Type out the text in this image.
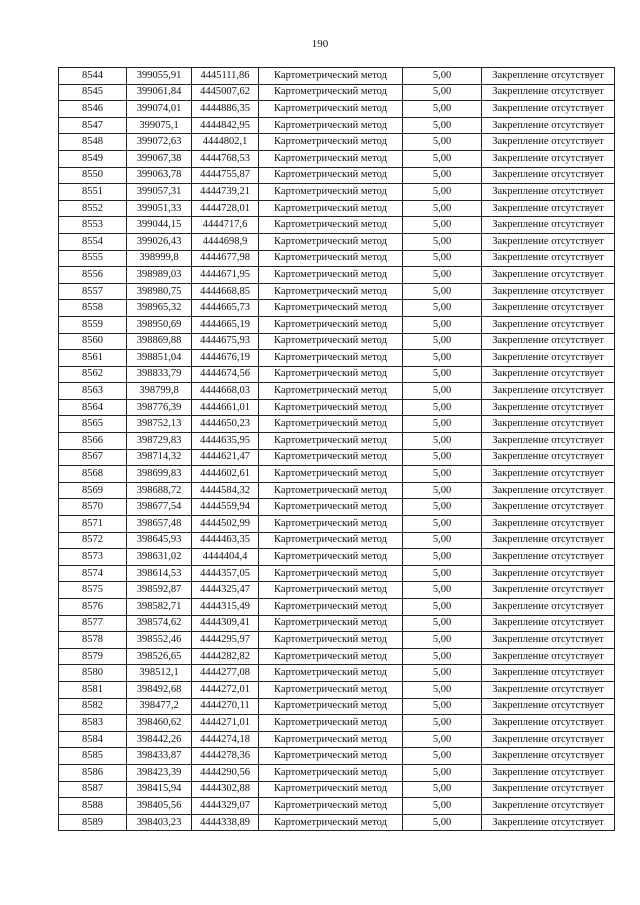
190
8544	399055,91	4445111,86	Картометрический метод	5,00	Закрепление отсутствует
8545	399061,84	4445007,62	Картометрический метод	5,00	Закрепление отсутствует
8546	399074,01	4444886,35	Картометрический метод	5,00	Закрепление отсутствует
8547	399075,1	4444842,95	Картометрический метод	5,00	Закрепление отсутствует
8548	399072,63	4444802,1	Картометрический метод	5,00	Закрепление отсутствует
8549	399067,38	4444768,53	Картометрический метод	5,00	Закрепление отсутствует
8550	399063,78	4444755,87	Картометрический метод	5,00	Закрепление отсутствует
8551	399057,31	4444739,21	Картометрический метод	5,00	Закрепление отсутствует
8552	399051,33	4444728,01	Картометрический метод	5,00	Закрепление отсутствует
8553	399044,15	4444717,6	Картометрический метод	5,00	Закрепление отсутствует
8554	399026,43	4444698,9	Картометрический метод	5,00	Закрепление отсутствует
8555	398999,8	4444677,98	Картометрический метод	5,00	Закрепление отсутствует
8556	398989,03	4444671,95	Картометрический метод	5,00	Закрепление отсутствует
8557	398980,75	4444668,85	Картометрический метод	5,00	Закрепление отсутствует
8558	398965,32	4444665,73	Картометрический метод	5,00	Закрепление отсутствует
8559	398950,69	4444665,19	Картометрический метод	5,00	Закрепление отсутствует
8560	398869,88	4444675,93	Картометрический метод	5,00	Закрепление отсутствует
8561	398851,04	4444676,19	Картометрический метод	5,00	Закрепление отсутствует
8562	398833,79	4444674,56	Картометрический метод	5,00	Закрепление отсутствует
8563	398799,8	4444668,03	Картометрический метод	5,00	Закрепление отсутствует
8564	398776,39	4444661,01	Картометрический метод	5,00	Закрепление отсутствует
8565	398752,13	4444650,23	Картометрический метод	5,00	Закрепление отсутствует
8566	398729,83	4444635,95	Картометрический метод	5,00	Закрепление отсутствует
8567	398714,32	4444621,47	Картометрический метод	5,00	Закрепление отсутствует
8568	398699,83	4444602,61	Картометрический метод	5,00	Закрепление отсутствует
8569	398688,72	4444584,32	Картометрический метод	5,00	Закрепление отсутствует
8570	398677,54	4444559,94	Картометрический метод	5,00	Закрепление отсутствует
8571	398657,48	4444502,99	Картометрический метод	5,00	Закрепление отсутствует
8572	398645,93	4444463,35	Картометрический метод	5,00	Закрепление отсутствует
8573	398631,02	4444404,4	Картометрический метод	5,00	Закрепление отсутствует
8574	398614,53	4444357,05	Картометрический метод	5,00	Закрепление отсутствует
8575	398592,87	4444325,47	Картометрический метод	5,00	Закрепление отсутствует
8576	398582,71	4444315,49	Картометрический метод	5,00	Закрепление отсутствует
8577	398574,62	4444309,41	Картометрический метод	5,00	Закрепление отсутствует
8578	398552,46	4444295,97	Картометрический метод	5,00	Закрепление отсутствует
8579	398526,65	4444282,82	Картометрический метод	5,00	Закрепление отсутствует
8580	398512,1	4444277,08	Картометрический метод	5,00	Закрепление отсутствует
8581	398492,68	4444272,01	Картометрический метод	5,00	Закрепление отсутствует
8582	398477,2	4444270,11	Картометрический метод	5,00	Закрепление отсутствует
8583	398460,62	4444271,01	Картометрический метод	5,00	Закрепление отсутствует
8584	398442,26	4444274,18	Картометрический метод	5,00	Закрепление отсутствует
8585	398433,87	4444278,36	Картометрический метод	5,00	Закрепление отсутствует
8586	398423,39	4444290,56	Картометрический метод	5,00	Закрепление отсутствует
8587	398415,94	4444302,88	Картометрический метод	5,00	Закрепление отсутствует
8588	398405,56	4444329,07	Картометрический метод	5,00	Закрепление отсутствует
8589	398403,23	4444338,89	Картометрический метод	5,00	Закрепление отсутствует
